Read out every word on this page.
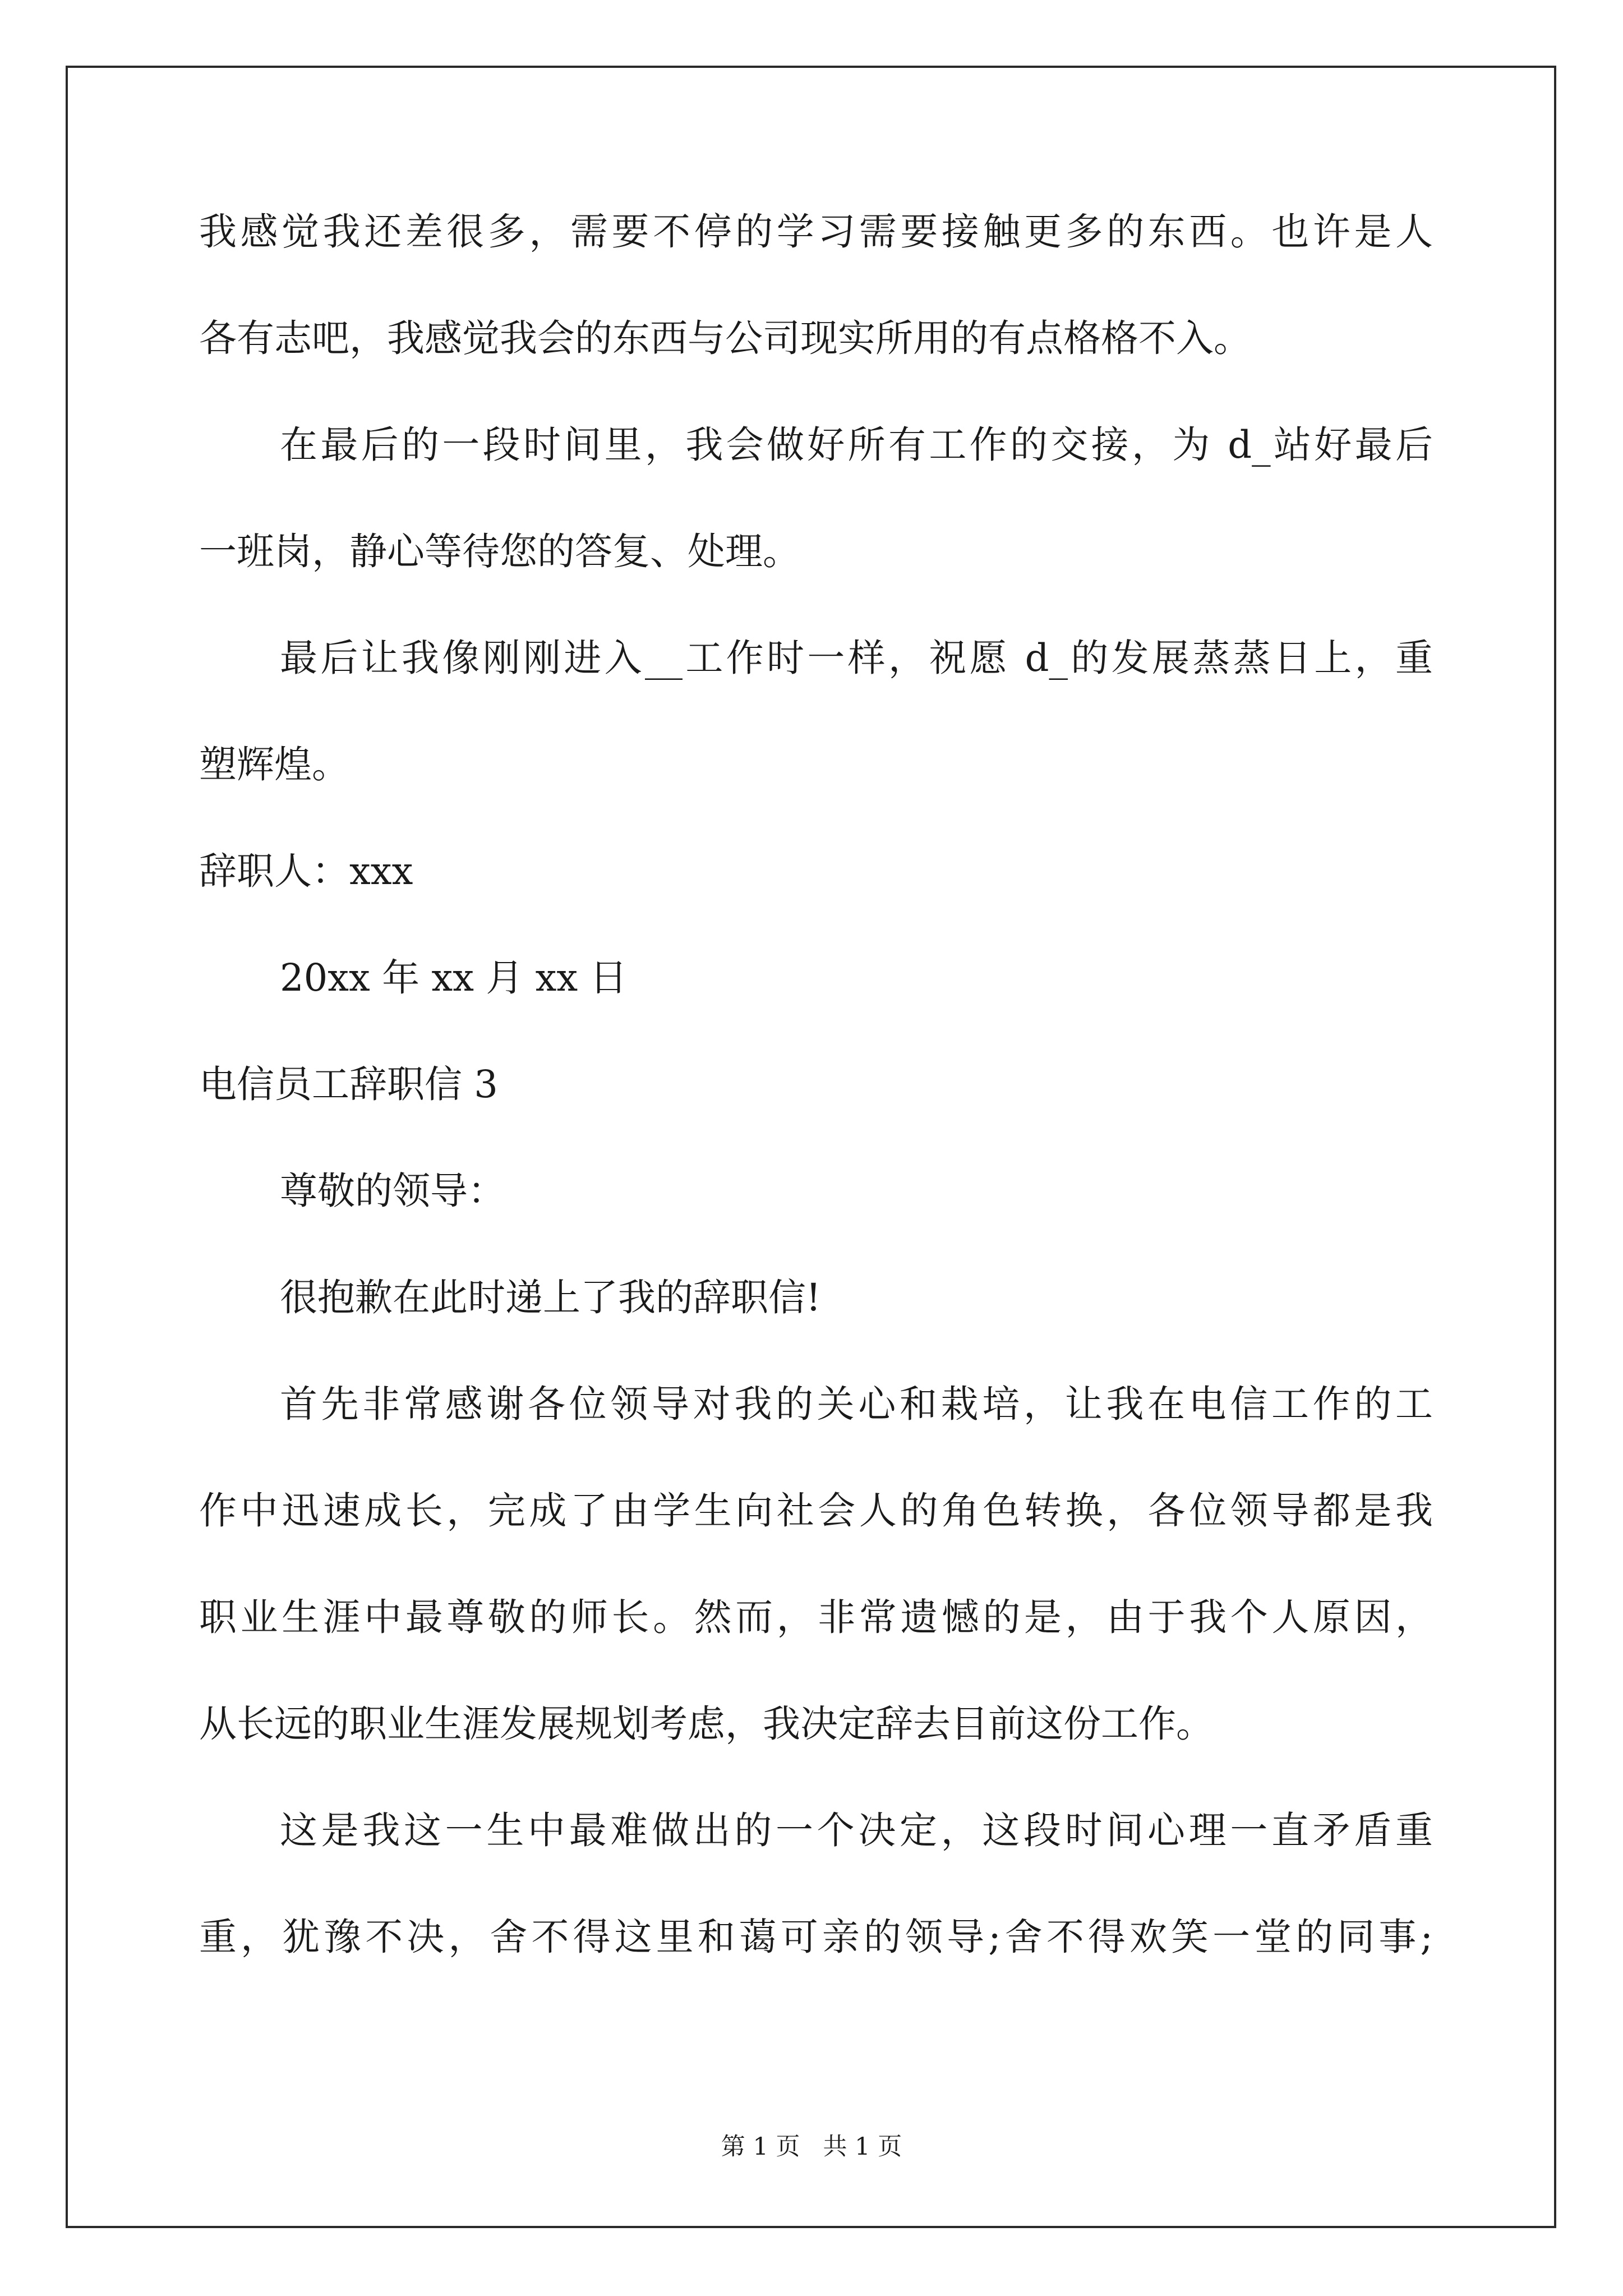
我感觉我还差很多，需要不停的学习需要接触更多的东西。也许是人
各有志吧，我感觉我会的东西与公司现实所用的有点格格不入。
在最后的一段时间里，我会做好所有工作的交接，为 d_站好最后
一班岗，静心等待您的答复、处理。
最后让我像刚刚进入__工作时一样，祝愿 d_的发展蒸蒸日上，重
塑辉煌。
辞职人：xxx
20xx 年 xx 月 xx 日
电信员工辞职信 3
尊敬的领导：
很抱歉在此时递上了我的辞职信!
首先非常感谢各位领导对我的关心和栽培，让我在电信工作的工
作中迅速成长，完成了由学生向社会人的角色转换，各位领导都是我
职业生涯中最尊敬的师长。然而，非常遗憾的是，由于我个人原因，
从长远的职业生涯发展规划考虑，我决定辞去目前这份工作。
这是我这一生中最难做出的一个决定，这段时间心理一直矛盾重
重，犹豫不决，舍不得这里和蔼可亲的领导;舍不得欢笑一堂的同事;
第 1 页   共 1 页
